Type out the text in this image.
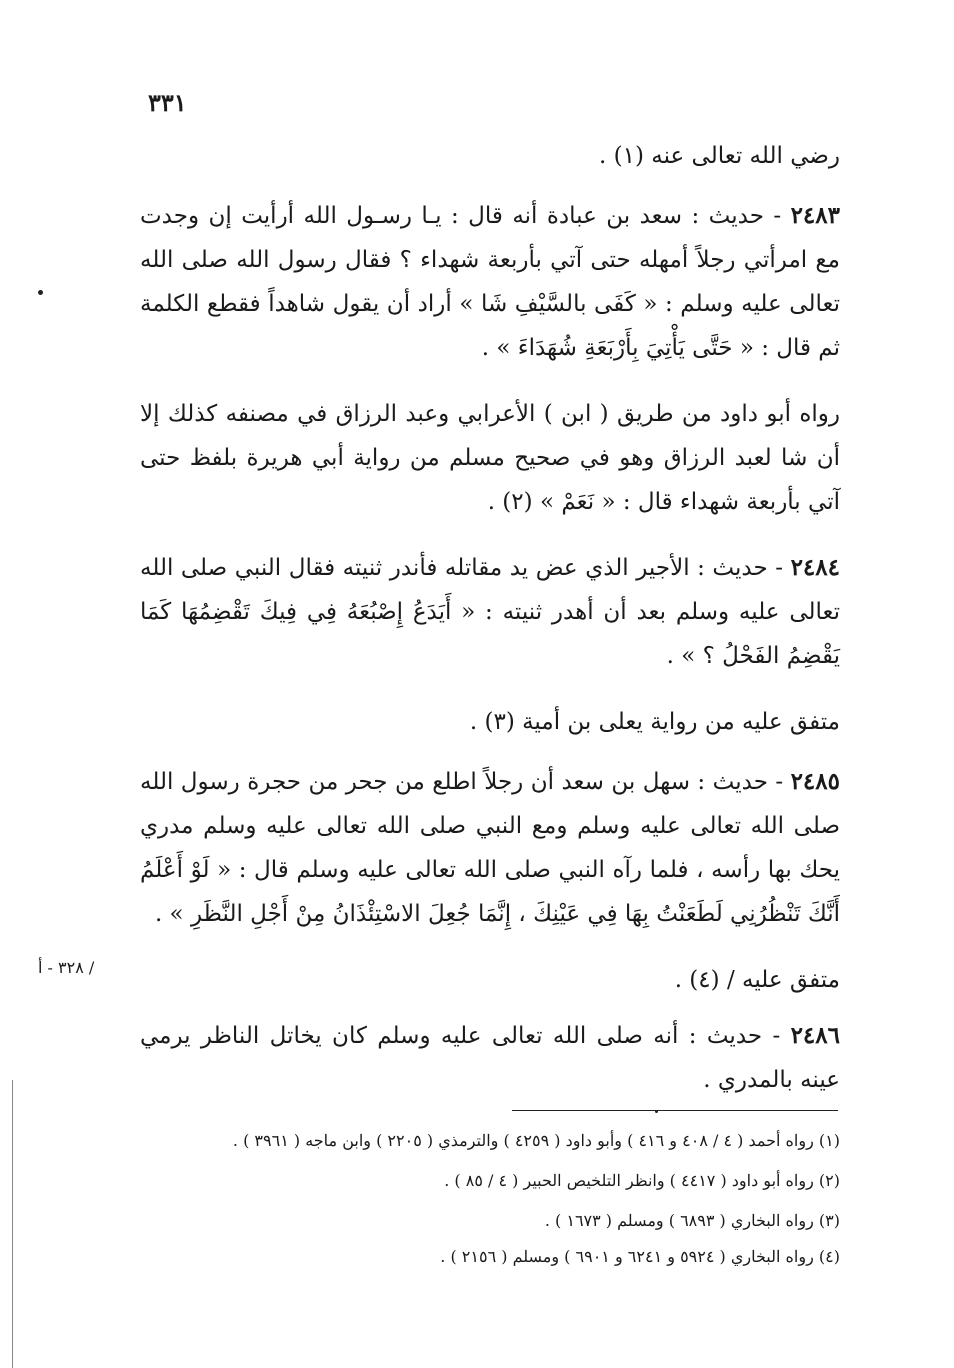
٣٣١
رضي الله تعالى عنه (١) .
٢٤٨٣ - حديث : سعد بن عبادة أنه قال : يـا رسـول الله أرأيت إن وجدت مع امرأتي رجلاً أمهله حتى آتي بأربعة شهداء ؟ فقال رسول الله صلى الله تعالى عليه وسلم : « كَفَى بالسَّيْفِ شَا » أراد أن يقول شاهداً فقطع الكلمة ثم قال : « حَتَّى يَأْتِيَ بِأَرْبَعَةِ شُهَدَاءَ » .
رواه أبو داود من طريق ( ابن ) الأعرابي وعبد الرزاق في مصنفه كذلك إلا أن شا لعبد الرزاق وهو في صحيح مسلم من رواية أبي هريرة بلفظ حتى آتي بأربعة شهداء قال : « نَعَمْ » (٢) .
٢٤٨٤ - حديث : الأجير الذي عض يد مقاتله فأندر ثنيته فقال النبي صلى الله تعالى عليه وسلم بعد أن أهدر ثنيته : « أَيَدَعُ إِصْبُعَهُ فِي فِيكَ تَقْضِمُهَا كَمَا يَقْضِمُ الفَحْلُ ؟ » .
متفق عليه من رواية يعلى بن أمية (٣) .
٢٤٨٥ - حديث : سهل بن سعد أن رجلاً اطلع من جحر من حجرة رسول الله صلى الله تعالى عليه وسلم ومع النبي صلى الله تعالى عليه وسلم مدري يحك بها رأسه ، فلما رآه النبي صلى الله تعالى عليه وسلم قال : « لَوْ أَعْلَمُ أَنَّكَ تَنْظُرُنِي لَطَعَنْتُ بِهَا فِي عَيْنِكَ ، إِنَّمَا جُعِلَ الاسْتِئْذَانُ مِنْ أَجْلِ النَّظَرِ » .
متفق عليه / (٤) .
٢٤٨٦ - حديث : أنه صلى الله تعالى عليه وسلم كان يخاتل الناظر يرمي عينه بالمدري .
/ ٣٢٨ - أ
(١) رواه أحمد ( ٤ / ٤٠٨ و ٤١٦ ) وأبو داود ( ٤٢٥٩ ) والترمذي ( ٢٢٠٥ ) وابن ماجه ( ٣٩٦١ ) .
(٢) رواه أبو داود ( ٤٤١٧ ) وانظر التلخيص الحبير ( ٤ / ٨٥ ) .
(٣) رواه البخاري ( ٦٨٩٣ ) ومسلم ( ١٦٧٣ ) .
(٤) رواه البخاري ( ٥٩٢٤ و ٦٢٤١ و ٦٩٠١ ) ومسلم ( ٢١٥٦ ) .
